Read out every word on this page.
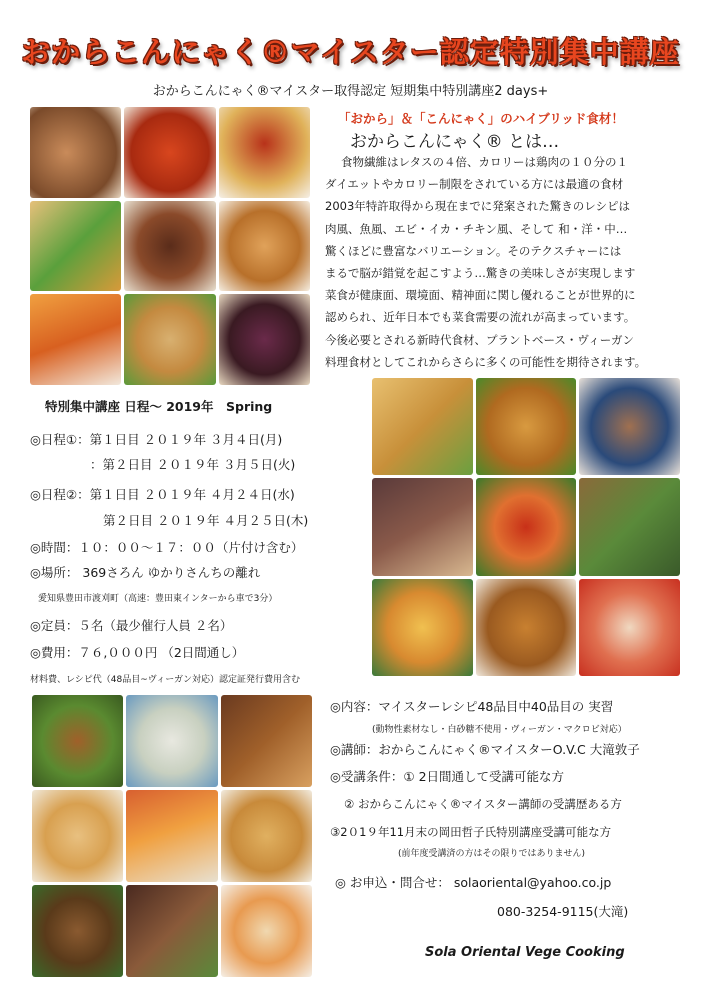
おからこんにゃく®マイスター認定特別集中講座
おからこんにゃく®マイスター取得認定 短期集中特別講座2 days+
「おから」＆「こんにゃく」のハイブリッド食材！
おからこんにゃく® とは…

食物繊維はレタスの４倍、カロリーは鶏肉の１０分の１

ダイエットやカロリー制限をされている方には最適の食材

2003年特許取得から現在までに発案された驚きのレシピは

肉風、魚風、エビ・イカ・チキン風、そして 和・洋・中…

驚くほどに豊富なバリエーション。そのテクスチャーには

まるで脳が錯覚を起こすよう…驚きの美味しさが実現します

菜食が健康面、環境面、精神面に関し優れることが世界的に

認められ、近年日本でも菜食需要の流れが高まっています。

今後必要とされる新時代食材、プラントベース・ヴィーガン

料理食材としてこれからさらに多くの可能性を期待されます。

特別集中講座 日程～ 2019年　Spring
◎日程①：第１日目 ２０１９年 ３月４日(月)
：第２日目 ２０１９年 ３月５日(火)
◎日程②：第１日目 ２０１９年 ４月２４日(水)
第２日目 ２０１９年 ４月２５日(木)
◎時間：１０：００～１７：００（片付け含む）
◎場所： 369さろん ゆかりさんちの離れ
愛知県豊田市渡刈町（高速：豊田東インターから車で3分）
◎定員：５名（最少催行人員 ２名）
◎費用：７６,０００円 （2日間通し）
材料費、レシピ代（48品目~ヴィーガン対応）認定証発行費用含む
◎内容：マイスターレシピ48品目中40品目の 実習
(動物性素材なし・白砂糖不使用・ヴィーガン・マクロビ対応）
◎講師：おからこんにゃく®マイスターO.V.C 大滝敦子
◎受講条件：① 2日間通して受講可能な方
② おからこんにゃく®マイスター講師の受講歴ある方
③2０1９年11月末の岡田哲子氏特別講座受講可能な方
(前年度受講済の方はその限りではありません)
◎ お申込・問合せ： solaoriental@yahoo.co.jp
080-3254-9115(大滝)
Sola Oriental Vege Cooking
